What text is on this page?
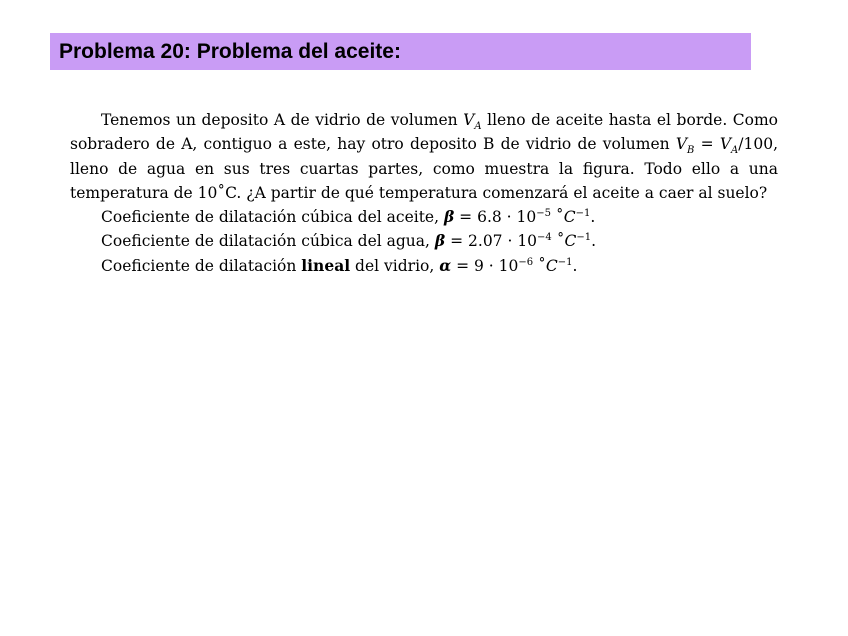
Problema 20: Problema del aceite:

Tenemos un deposito A de vidrio de volumen $V_A$ lleno de aceite hasta el borde. Como sobradero de A, contiguo a este, hay otro deposito B de vidrio de volumen $V_B = V_A/100$, lleno de agua en sus tres cuartas partes, como muestra la figura. Todo ello a una temperatura de 10˚C. ¿A partir de qué temperatura comenzará el aceite a caer al suelo?

Coeficiente de dilatación cúbica del aceite, $\beta = 6.8 \cdot 10^{-5}$ $˚C^{-1}$.

Coeficiente de dilatación cúbica del agua, $\beta = 2.07 \cdot 10^{-4}$ $˚C^{-1}$.

Coeficiente de dilatación lineal del vidrio, $\alpha = 9 \cdot 10^{-6}$ $˚C^{-1}$.
